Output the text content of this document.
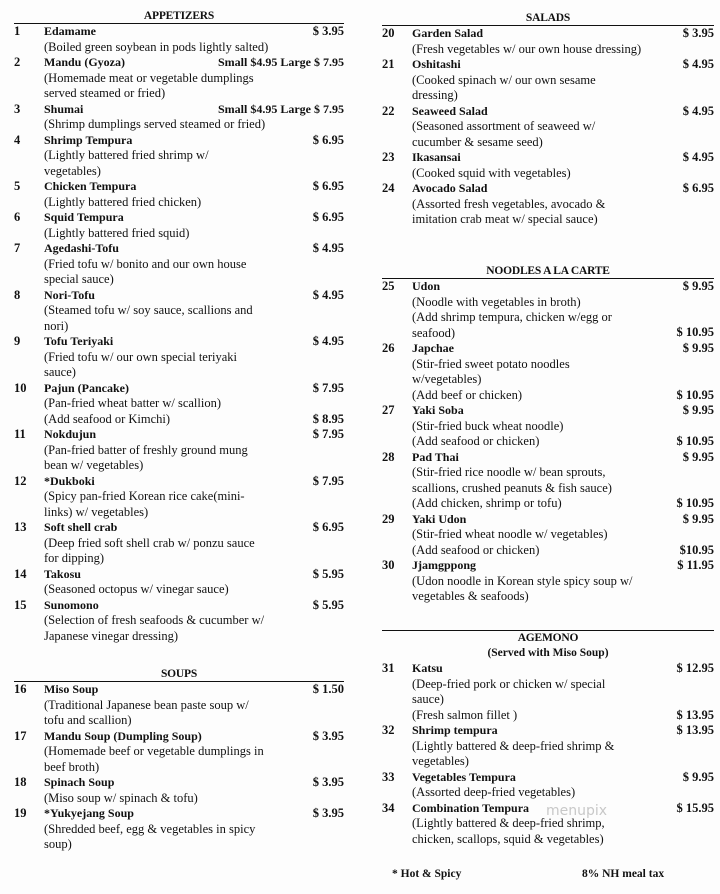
APPETIZERS
1	Edamame	$ 3.95
(Boiled green soybean in pods lightly salted)
2	Mandu (Gyoza)	Small $4.95 Large $ 7.95
(Homemade meat or vegetable dumplings
served steamed or fried)
3	Shumai	Small $4.95 Large $ 7.95
(Shrimp dumplings served steamed or fried)
4	Shrimp Tempura	$ 6.95
(Lightly battered fried shrimp w/
vegetables)
5	Chicken Tempura	$ 6.95
(Lightly battered fried chicken)
6	Squid Tempura	$ 6.95
(Lightly battered fried squid)
7	Agedashi-Tofu	$ 4.95
(Fried tofu w/ bonito and our own house
special sauce)
8	Nori-Tofu	$ 4.95
(Steamed tofu w/ soy sauce, scallions and
nori)
9	Tofu Teriyaki	$ 4.95
(Fried tofu w/ our own special teriyaki
sauce)
10	Pajun (Pancake)	$ 7.95
(Pan-fried wheat batter w/ scallion)
(Add seafood or Kimchi)	$ 8.95
11	Nokdujun	$ 7.95
(Pan-fried batter of freshly ground mung
bean w/ vegetables)
12	*Dukboki	$ 7.95
(Spicy pan-fried Korean rice cake(mini-
links) w/ vegetables)
13	Soft shell crab	$ 6.95
(Deep fried soft shell crab w/ ponzu sauce
for dipping)
14	Takosu	$ 5.95
(Seasoned octopus w/ vinegar sauce)
15	Sunomono	$ 5.95
(Selection of fresh seafoods & cucumber w/
Japanese vinegar dressing)
SOUPS
16	Miso Soup	$ 1.50
(Traditional Japanese bean paste soup w/
tofu and scallion)
17	Mandu Soup (Dumpling Soup)	$ 3.95
(Homemade beef or vegetable dumplings in
beef broth)
18	Spinach Soup	$ 3.95
(Miso soup w/ spinach & tofu)
19	*Yukyejang Soup	$ 3.95
(Shredded beef, egg & vegetables in spicy
soup)
SALADS
20	Garden Salad	$ 3.95
(Fresh vegetables w/ our own house dressing)
21	Oshitashi	$ 4.95
(Cooked spinach w/ our own sesame
dressing)
22	Seaweed Salad	$ 4.95
(Seasoned assortment of seaweed w/
cucumber & sesame seed)
23	Ikasansai	$ 4.95
(Cooked squid with vegetables)
24	Avocado Salad	$ 6.95
(Assorted fresh vegetables, avocado &
imitation crab meat w/ special sauce)
NOODLES A LA CARTE
25	Udon	$ 9.95
(Noodle with vegetables in broth)
(Add shrimp tempura, chicken w/egg or
seafood)	$ 10.95
26	Japchae	$ 9.95
(Stir-fried sweet potato noodles
w/vegetables)
(Add beef or chicken)	$ 10.95
27	Yaki Soba	$ 9.95
(Stir-fried buck wheat noodle)
(Add seafood or chicken)	$ 10.95
28	Pad Thai	$ 9.95
(Stir-fried rice noodle w/ bean sprouts,
scallions, crushed peanuts & fish sauce)
(Add chicken, shrimp or tofu)	$ 10.95
29	Yaki Udon	$ 9.95
(Stir-fried wheat noodle w/ vegetables)
(Add seafood or chicken)	$10.95
30	Jjamgppong	$ 11.95
(Udon noodle in Korean style spicy soup w/
vegetables & seafoods)
AGEMONO
(Served with Miso Soup)
31	Katsu	$ 12.95
(Deep-fried pork or chicken w/ special
sauce)
(Fresh salmon fillet )	$ 13.95
32	Shrimp tempura	$ 13.95
(Lightly battered & deep-fried shrimp &
vegetables)
33	Vegetables Tempura	$ 9.95
(Assorted deep-fried vegetables)
34	Combination Tempura	$ 15.95
(Lightly battered & deep-fried shrimp,
chicken, scallops, squid & vegetables)
* Hot & Spicy	8% NH meal tax
menupix
